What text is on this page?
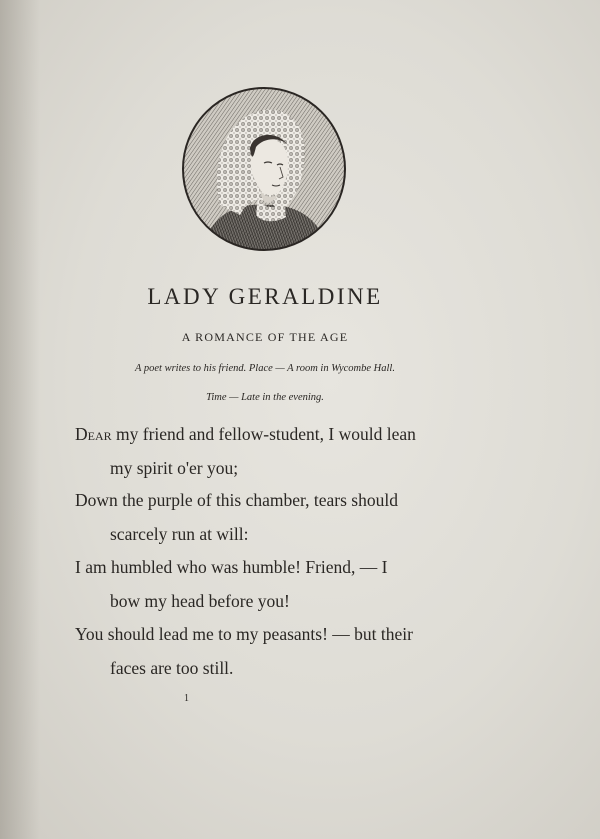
LADY GERALDINE
A ROMANCE OF THE AGE
A poet writes to his friend. Place — A room in Wycombe Hall.
Time — Late in the evening.
Dear my friend and fellow-student, I would lean
my spirit o'er you;
Down the purple of this chamber, tears should
scarcely run at will:
I am humbled who was humble! Friend, — I
bow my head before you!
You should lead me to my peasants! — but their
faces are too still.
1
